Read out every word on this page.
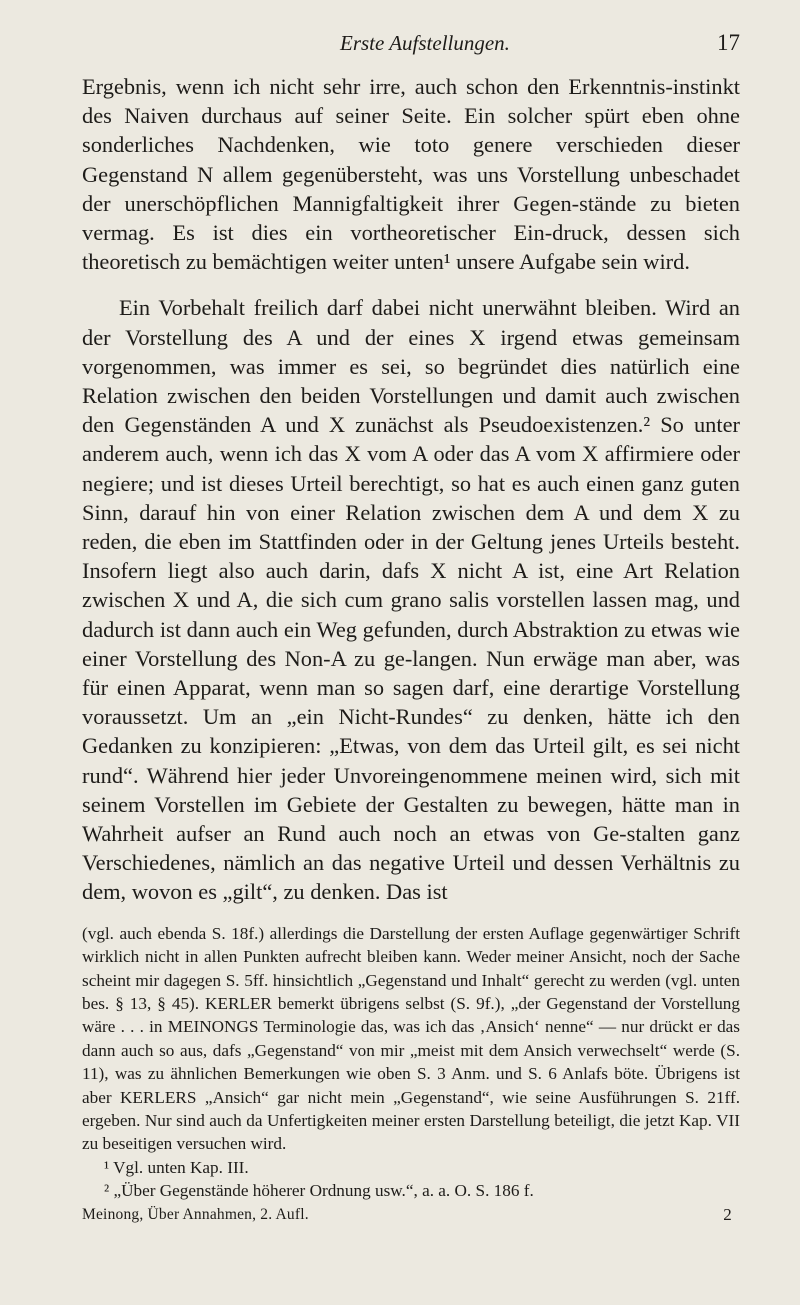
Erste Aufstellungen.	17

Ergebnis, wenn ich nicht sehr irre, auch schon den Erkenntnis-instinkt des Naiven durchaus auf seiner Seite. Ein solcher spürt eben ohne sonderliches Nachdenken, wie toto genere verschieden dieser Gegenstand N allem gegenübersteht, was uns Vorstellung unbeschadet der unerschöpflichen Mannigfaltigkeit ihrer Gegen-stände zu bieten vermag. Es ist dies ein vortheoretischer Ein-druck, dessen sich theoretisch zu bemächtigen weiter unten¹ unsere Aufgabe sein wird.

Ein Vorbehalt freilich darf dabei nicht unerwähnt bleiben. Wird an der Vorstellung des A und der eines X irgend etwas gemeinsam vorgenommen, was immer es sei, so begründet dies natürlich eine Relation zwischen den beiden Vorstellungen und damit auch zwischen den Gegenständen A und X zunächst als Pseudoexistenzen.² So unter anderem auch, wenn ich das X vom A oder das A vom X affirmiere oder negiere; und ist dieses Urteil berechtigt, so hat es auch einen ganz guten Sinn, darauf hin von einer Relation zwischen dem A und dem X zu reden, die eben im Stattfinden oder in der Geltung jenes Urteils besteht. Insofern liegt also auch darin, dafs X nicht A ist, eine Art Relation zwischen X und A, die sich cum grano salis vorstellen lassen mag, und dadurch ist dann auch ein Weg gefunden, durch Abstraktion zu etwas wie einer Vorstellung des Non-A zu ge-langen. Nun erwäge man aber, was für einen Apparat, wenn man so sagen darf, eine derartige Vorstellung voraussetzt. Um an „ein Nicht-Rundes“ zu denken, hätte ich den Gedanken zu konzipieren: „Etwas, von dem das Urteil gilt, es sei nicht rund“. Während hier jeder Unvoreingenommene meinen wird, sich mit seinem Vorstellen im Gebiete der Gestalten zu bewegen, hätte man in Wahrheit aufser an Rund auch noch an etwas von Ge-stalten ganz Verschiedenes, nämlich an das negative Urteil und dessen Verhältnis zu dem, wovon es „gilt“, zu denken. Das ist

(vgl. auch ebenda S. 18f.) allerdings die Darstellung der ersten Auflage gegenwärtiger Schrift wirklich nicht in allen Punkten aufrecht bleiben kann. Weder meiner Ansicht, noch der Sache scheint mir dagegen S. 5ff. hinsichtlich „Gegenstand und Inhalt“ gerecht zu werden (vgl. unten bes. § 13, § 45). KERLER bemerkt übrigens selbst (S. 9f.), „der Gegenstand der Vorstellung wäre . . . in MEINONGS Terminologie das, was ich das ‚Ansich‘ nenne“ — nur drückt er das dann auch so aus, dafs „Gegenstand“ von mir „meist mit dem Ansich verwechselt“ werde (S. 11), was zu ähnlichen Bemerkungen wie oben S. 3 Anm. und S. 6 Anlafs böte. Übrigens ist aber KERLERS „Ansich“ gar nicht mein „Gegenstand“, wie seine Ausführungen S. 21ff. ergeben. Nur sind auch da Unfertigkeiten meiner ersten Darstellung beteiligt, die jetzt Kap. VII zu beseitigen versuchen wird.

¹ Vgl. unten Kap. III.

² „Über Gegenstände höherer Ordnung usw.“, a. a. O. S. 186 f.

Meinong, Über Annahmen, 2. Aufl.	2
